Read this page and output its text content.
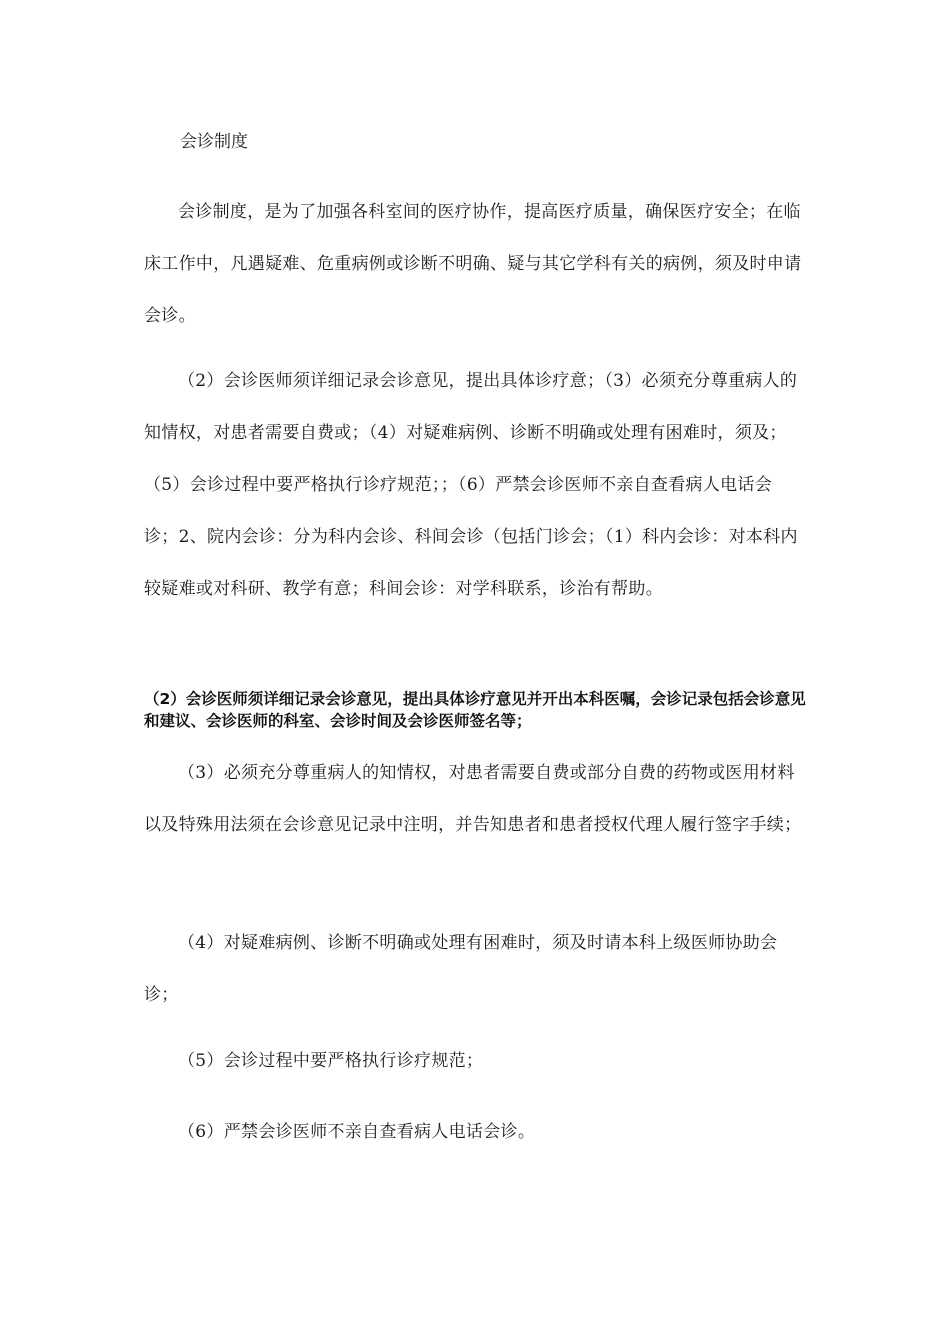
会诊制度

会诊制度，是为了加强各科室间的医疗协作，提高医疗质量，确保医疗安全；在临床工作中，凡遇疑难、危重病例或诊断不明确、疑与其它学科有关的病例，须及时申请会诊。

（2）会诊医师须详细记录会诊意见，提出具体诊疗意；（3）必须充分尊重病人的知情权，对患者需要自费或；（4）对疑难病例、诊断不明确或处理有困难时，须及；（5）会诊过程中要严格执行诊疗规范；；（6）严禁会诊医师不亲自查看病人电话会诊；2、院内会诊：分为科内会诊、科间会诊（包括门诊会；（1）科内会诊：对本科内较疑难或对科研、教学有意；科间会诊：对学科联系，诊治有帮助。

（2）会诊医师须详细记录会诊意见，提出具体诊疗意见并开出本科医嘱，会诊记录包括会诊意见和建议、会诊医师的科室、会诊时间及会诊医师签名等；

（3）必须充分尊重病人的知情权，对患者需要自费或部分自费的药物或医用材料以及特殊用法须在会诊意见记录中注明，并告知患者和患者授权代理人履行签字手续；

（4）对疑难病例、诊断不明确或处理有困难时，须及时请本科上级医师协助会诊；

（5）会诊过程中要严格执行诊疗规范；

（6）严禁会诊医师不亲自查看病人电话会诊。
